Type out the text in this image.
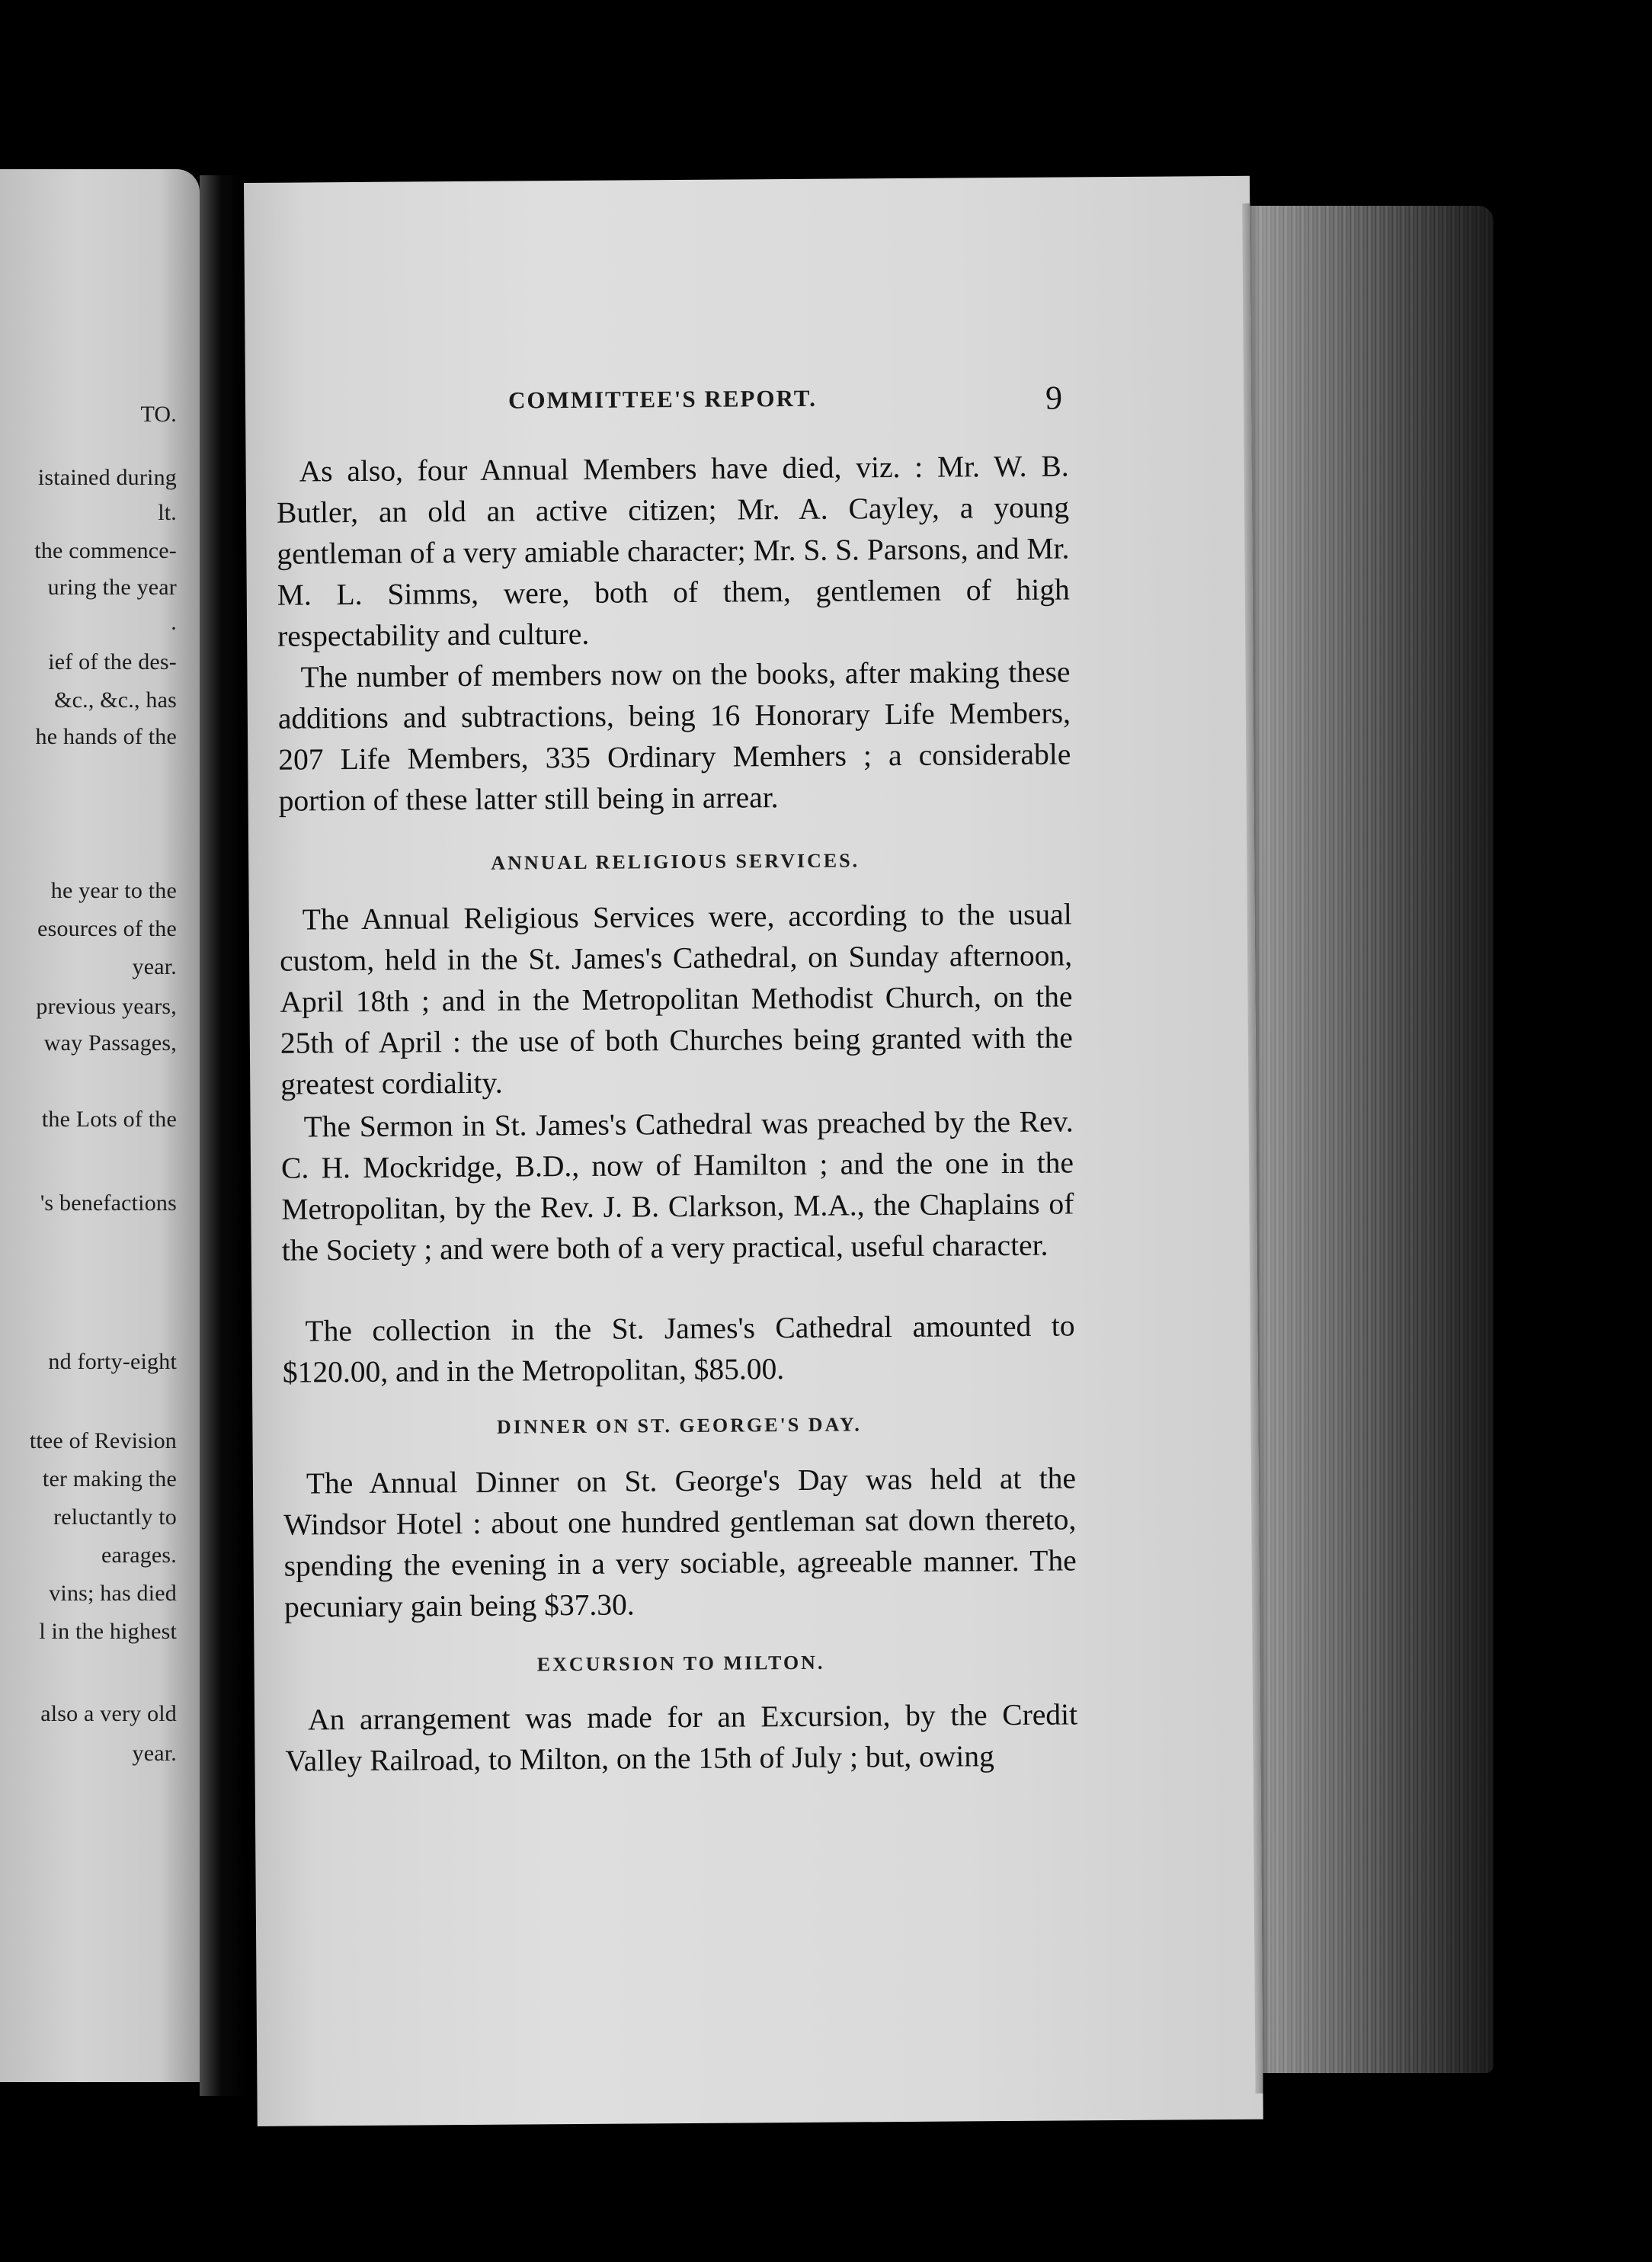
TO.
istained during
lt.
the commence-
uring the year
.
ief of the des-
&c., &c., has
he hands of the
he year to the
esources of the
year.
previous years,
way Passages,
the Lots of the
's benefactions
nd forty-eight
ttee of Revision
ter making the
reluctantly to
earages.
vins; has died
l in the highest
also a very old
year.
COMMITTEE'S REPORT.	9

As also, four Annual Members have died, viz. : Mr. W. B. Butler, an old an active citizen; Mr. A. Cayley, a young gentleman of a very amiable character; Mr. S. S. Parsons, and Mr. M. L. Simms, were, both of them, gentlemen of high respectability and culture.

The number of members now on the books, after making these additions and subtractions, being 16 Honorary Life Members, 207 Life Members, 335 Ordinary Memhers ; a considerable portion of these latter still being in arrear.

ANNUAL RELIGIOUS SERVICES.

The Annual Religious Services were, according to the usual custom, held in the St. James's Cathedral, on Sunday afternoon, April 18th ; and in the Metropolitan Methodist Church, on the 25th of April : the use of both Churches being granted with the greatest cordiality.

The Sermon in St. James's Cathedral was preached by the Rev. C. H. Mockridge, B.D., now of Hamilton ; and the one in the Metropolitan, by the Rev. J. B. Clarkson, M.A., the Chaplains of the Society ; and were both of a very practical, useful character.

The collection in the St. James's Cathedral amounted to $120.00, and in the Metropolitan, $85.00.

DINNER ON ST. GEORGE'S DAY.

The Annual Dinner on St. George's Day was held at the Windsor Hotel : about one hundred gentleman sat down thereto, spending the evening in a very sociable, agreeable manner. The pecuniary gain being $37.30.

EXCURSION TO MILTON.

An arrangement was made for an Excursion, by the Credit Valley Railroad, to Milton, on the 15th of July ; but, owing
